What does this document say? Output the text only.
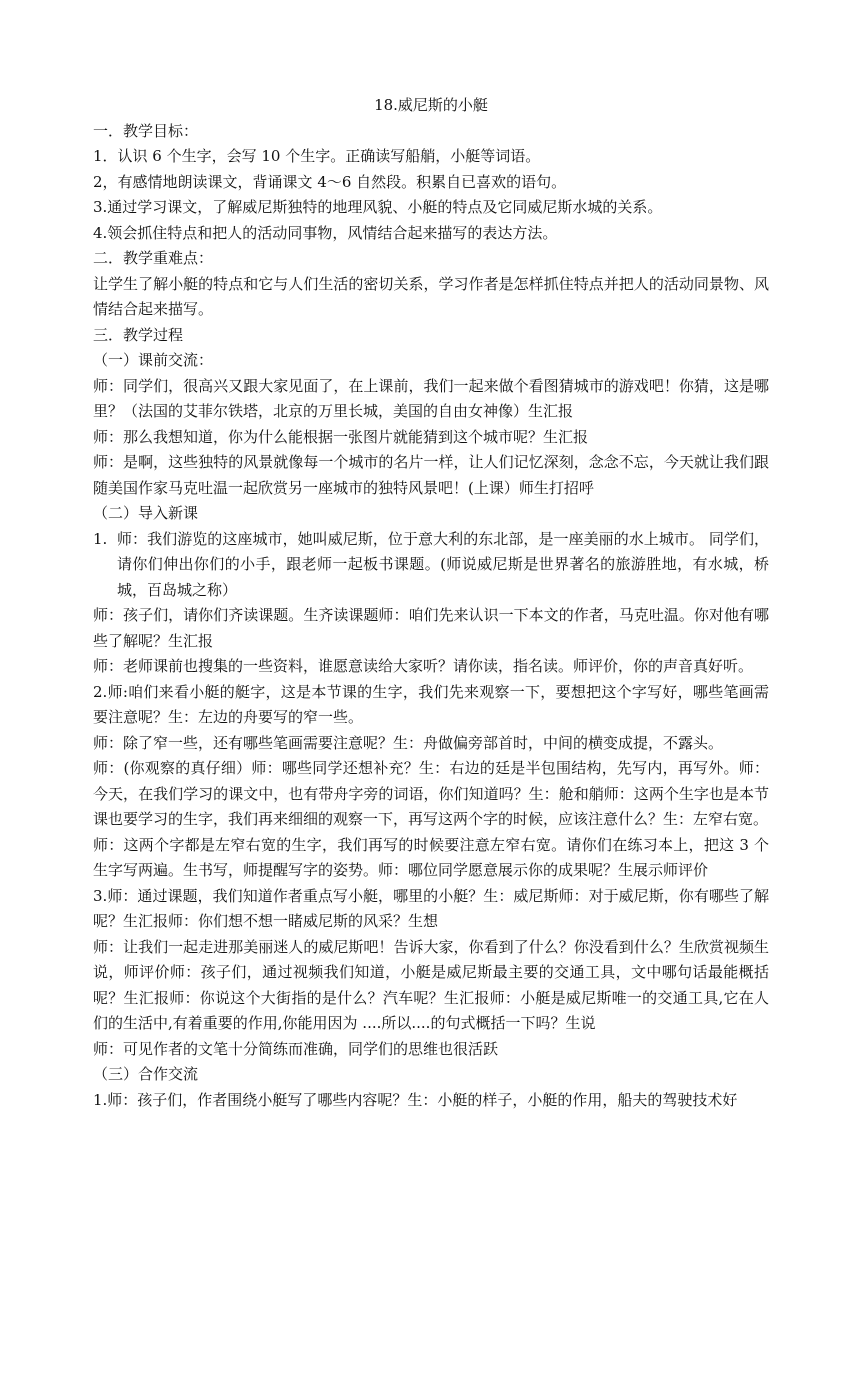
18.威尼斯的小艇

一．教学目标：

1．认识 6 个生字，会写 10 个生字。正确读写船艄，小艇等词语。

2，有感情地朗读课文，背诵课文 4～6 自然段。积累自已喜欢的语句。

3.通过学习课文，了解威尼斯独特的地理风貌、小艇的特点及它同威尼斯水城的关系。

4.领会抓住特点和把人的活动同事物，风情结合起来描写的表达方法。

二．教学重难点：

让学生了解小艇的特点和它与人们生活的密切关系，学习作者是怎样抓住特点并把人的活动同景物、风情结合起来描写。

三．教学过程

（一）课前交流：

师：同学们，很高兴又跟大家见面了，在上课前，我们一起来做个看图猜城市的游戏吧！你猜，这是哪里？（法国的艾菲尔铁塔，北京的万里长城，美国的自由女神像）生汇报

师：那么我想知道，你为什么能根据一张图片就能猜到这个城市呢？生汇报

师：是啊，这些独特的风景就像每一个城市的名片一样，让人们记忆深刻，念念不忘，今天就让我们跟随美国作家马克吐温一起欣赏另一座城市的独特风景吧！(上课）师生打招呼

（二）导入新课

1. 师：我们游览的这座城市，她叫威尼斯，位于意大利的东北部，是一座美丽的水上城市。 同学们，请你们伸出你们的小手，跟老师一起板书课题。(师说威尼斯是世界著名的旅游胜地，有水城，桥城，百岛城之称）

师：孩子们，请你们齐读课题。生齐读课题师：咱们先来认识一下本文的作者，马克吐温。你对他有哪些了解呢？生汇报

师：老师课前也搜集的一些资料，谁愿意读给大家听？请你读，指名读。师评价，你的声音真好听。

2.师:咱们来看小艇的艇字，这是本节课的生字，我们先来观察一下，要想把这个字写好，哪些笔画需要注意呢？生：左边的舟要写的窄一些。

师：除了窄一些，还有哪些笔画需要注意呢？生：舟做偏旁部首时，中间的横变成提，不露头。

师：(你观察的真仔细）师：哪些同学还想补充？生：右边的廷是半包围结构，先写内，再写外。师：今天，在我们学习的课文中，也有带舟字旁的词语，你们知道吗？生：舱和艄师：这两个生字也是本节课也要学习的生字，我们再来细细的观察一下，再写这两个字的时候，应该注意什么？生：左窄右宽。

师：这两个字都是左窄右宽的生字，我们再写的时候要注意左窄右宽。请你们在练习本上，把这 3 个生字写两遍。生书写，师提醒写字的姿势。师：哪位同学愿意展示你的成果呢？生展示师评价

3.师：通过课题，我们知道作者重点写小艇，哪里的小艇？生：威尼斯师：对于威尼斯，你有哪些了解呢？生汇报师：你们想不想一睹威尼斯的风采？生想

师：让我们一起走进那美丽迷人的威尼斯吧！告诉大家，你看到了什么？你没看到什么？生欣赏视频生说，师评价师：孩子们，通过视频我们知道，小艇是威尼斯最主要的交通工具，文中哪句话最能概括呢？生汇报师：你说这个大街指的是什么？汽车呢？生汇报师：小艇是威尼斯唯一的交通工具,它在人们的生活中,有着重要的作用,你能用因为 ....所以....的句式概括一下吗？生说

师：可见作者的文笔十分简练而准确，同学们的思维也很活跃

（三）合作交流

1.师：孩子们，作者围绕小艇写了哪些内容呢？生：小艇的样子，小艇的作用，船夫的驾驶技术好
